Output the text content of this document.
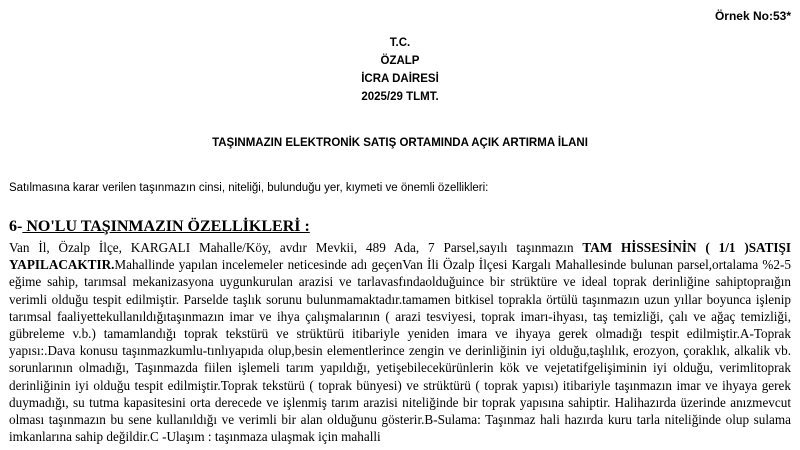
Örnek No:53*
T.C.
ÖZALP
İCRA DAİRESİ
2025/29 TLMT.
TAŞINMAZIN ELEKTRONİK SATIŞ ORTAMINDA AÇIK ARTIRMA İLANI
Satılmasına karar verilen taşınmazın cinsi, niteliği, bulunduğu yer, kıymeti ve önemli özellikleri:
6- NO'LU TAŞINMAZIN ÖZELLİKLERİ :

Van İl, Özalp İlçe, KARGALI Mahalle/Köy, avdır Mevkii, 489 Ada, 7 Parsel,sayılı taşınmazın TAM HİSSESİNİN ( 1/1 )SATIŞI YAPILACAKTIR.Mahallinde yapılan incelemeler neticesinde adı geçenVan İli Özalp İlçesi Kargalı Mahallesinde bulunan parsel,ortalama %2-5 eğime sahip, tarımsal mekanizasyona uygunkurulan arazisi ve tarlavasfındaolduğuince bir strüktüre ve ideal toprak derinliğine sahiptopraığın verimli olduğu tespit edilmiştir. Parselde taşlık sorunu bulunmamaktadır.tamamen bitkisel toprakla örtülü taşınmazın uzun yıllar boyunca işlenip tarımsal faaliyettekullanıldığıtaşınmazın imar ve ihya çalışmalarının ( arazi tesviyesi, toprak imarı-ihyası, taş temizliği, çalı ve ağaç temizliği, gübreleme v.b.) tamamlandığı toprak tekstürü ve strüktürü itibariyle yeniden imara ve ihyaya gerek olmadığı tespit edilmiştir.A-Toprak yapısı:.Dava konusu taşınmazkumlu-tınlıyapıda olup,besin elementlerince zengin ve derinliğinin iyi olduğu,taşlılık, erozyon, çoraklık, alkalik vb. sorunlarının olmadığı, Taşınmazda fiilen işlemeli tarım yapıldığı, yetişebilecekürünlerin kök ve vejetatifgelişiminin iyi olduğu, verimlitoprak derinliğinin iyi olduğu tespit edilmiştir.Toprak tekstürü ( toprak bünyesi) ve strüktürü ( toprak yapısı) itibariyle taşınmazın imar ve ihyaya gerek duymadığı, su tutma kapasitesini orta derecede ve işlenmiş tarım arazisi niteliğinde bir toprak yapısına sahiptir. Halihazırda üzerinde anızmevcut olması taşınmazın bu sene kullanıldığı ve verimli bir alan olduğunu gösterir.B-Sulama: Taşınmaz hali hazırda kuru tarla niteliğinde olup sulama imkanlarına sahip değildir.C -Ulaşım : taşınmaza ulaşmak için mahalli
